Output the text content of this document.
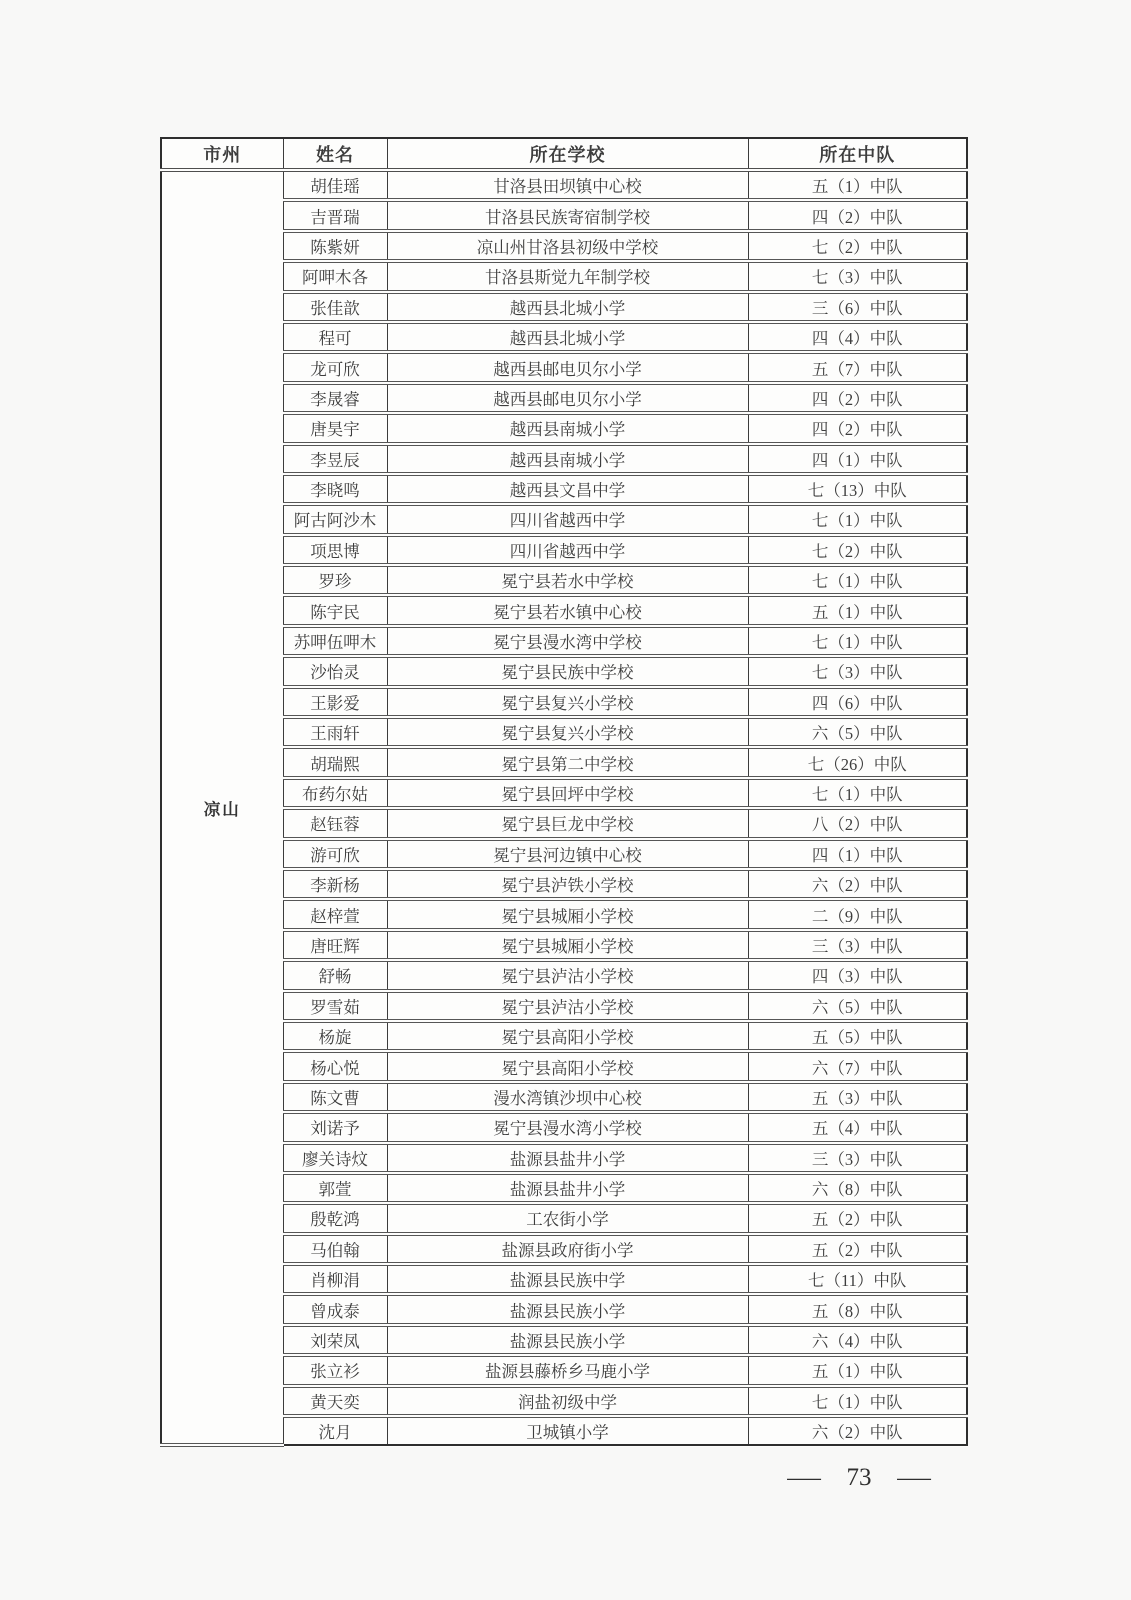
市州	姓名	所在学校	所在中队
凉山	胡佳瑶	甘洛县田坝镇中心校	五（1）中队
	吉晋瑞	甘洛县民族寄宿制学校	四（2）中队
	陈紫妍	凉山州甘洛县初级中学校	七（2）中队
	阿呷木各	甘洛县斯觉九年制学校	七（3）中队
	张佳歆	越西县北城小学	三（6）中队
	程可	越西县北城小学	四（4）中队
	龙可欣	越西县邮电贝尔小学	五（7）中队
	李晟睿	越西县邮电贝尔小学	四（2）中队
	唐昊宇	越西县南城小学	四（2）中队
	李昱辰	越西县南城小学	四（1）中队
	李晓鸣	越西县文昌中学	七（13）中队
	阿古阿沙木	四川省越西中学	七（1）中队
	项思博	四川省越西中学	七（2）中队
	罗珍	冕宁县若水中学校	七（1）中队
	陈宇民	冕宁县若水镇中心校	五（1）中队
	苏呷伍呷木	冕宁县漫水湾中学校	七（1）中队
	沙怡灵	冕宁县民族中学校	七（3）中队
	王影爱	冕宁县复兴小学校	四（6）中队
	王雨轩	冕宁县复兴小学校	六（5）中队
	胡瑞熙	冕宁县第二中学校	七（26）中队
	布药尔姑	冕宁县回坪中学校	七（1）中队
	赵钰蓉	冕宁县巨龙中学校	八（2）中队
	游可欣	冕宁县河边镇中心校	四（1）中队
	李新杨	冕宁县泸铁小学校	六（2）中队
	赵梓萱	冕宁县城厢小学校	二（9）中队
	唐旺辉	冕宁县城厢小学校	三（3）中队
	舒畅	冕宁县泸沽小学校	四（3）中队
	罗雪茹	冕宁县泸沽小学校	六（5）中队
	杨旋	冕宁县高阳小学校	五（5）中队
	杨心悦	冕宁县高阳小学校	六（7）中队
	陈文曹	漫水湾镇沙坝中心校	五（3）中队
	刘诺予	冕宁县漫水湾小学校	五（4）中队
	廖关诗炆	盐源县盐井小学	三（3）中队
	郭萱	盐源县盐井小学	六（8）中队
	殷乾鸿	工农街小学	五（2）中队
	马伯翰	盐源县政府街小学	五（2）中队
	肖柳涓	盐源县民族中学	七（11）中队
	曾成泰	盐源县民族小学	五（8）中队
	刘荣凤	盐源县民族小学	六（4）中队
	张立衫	盐源县藤桥乡马鹿小学	五（1）中队
	黄天奕	润盐初级中学	七（1）中队
	沈月	卫城镇小学	六（2）中队
— 73 —
